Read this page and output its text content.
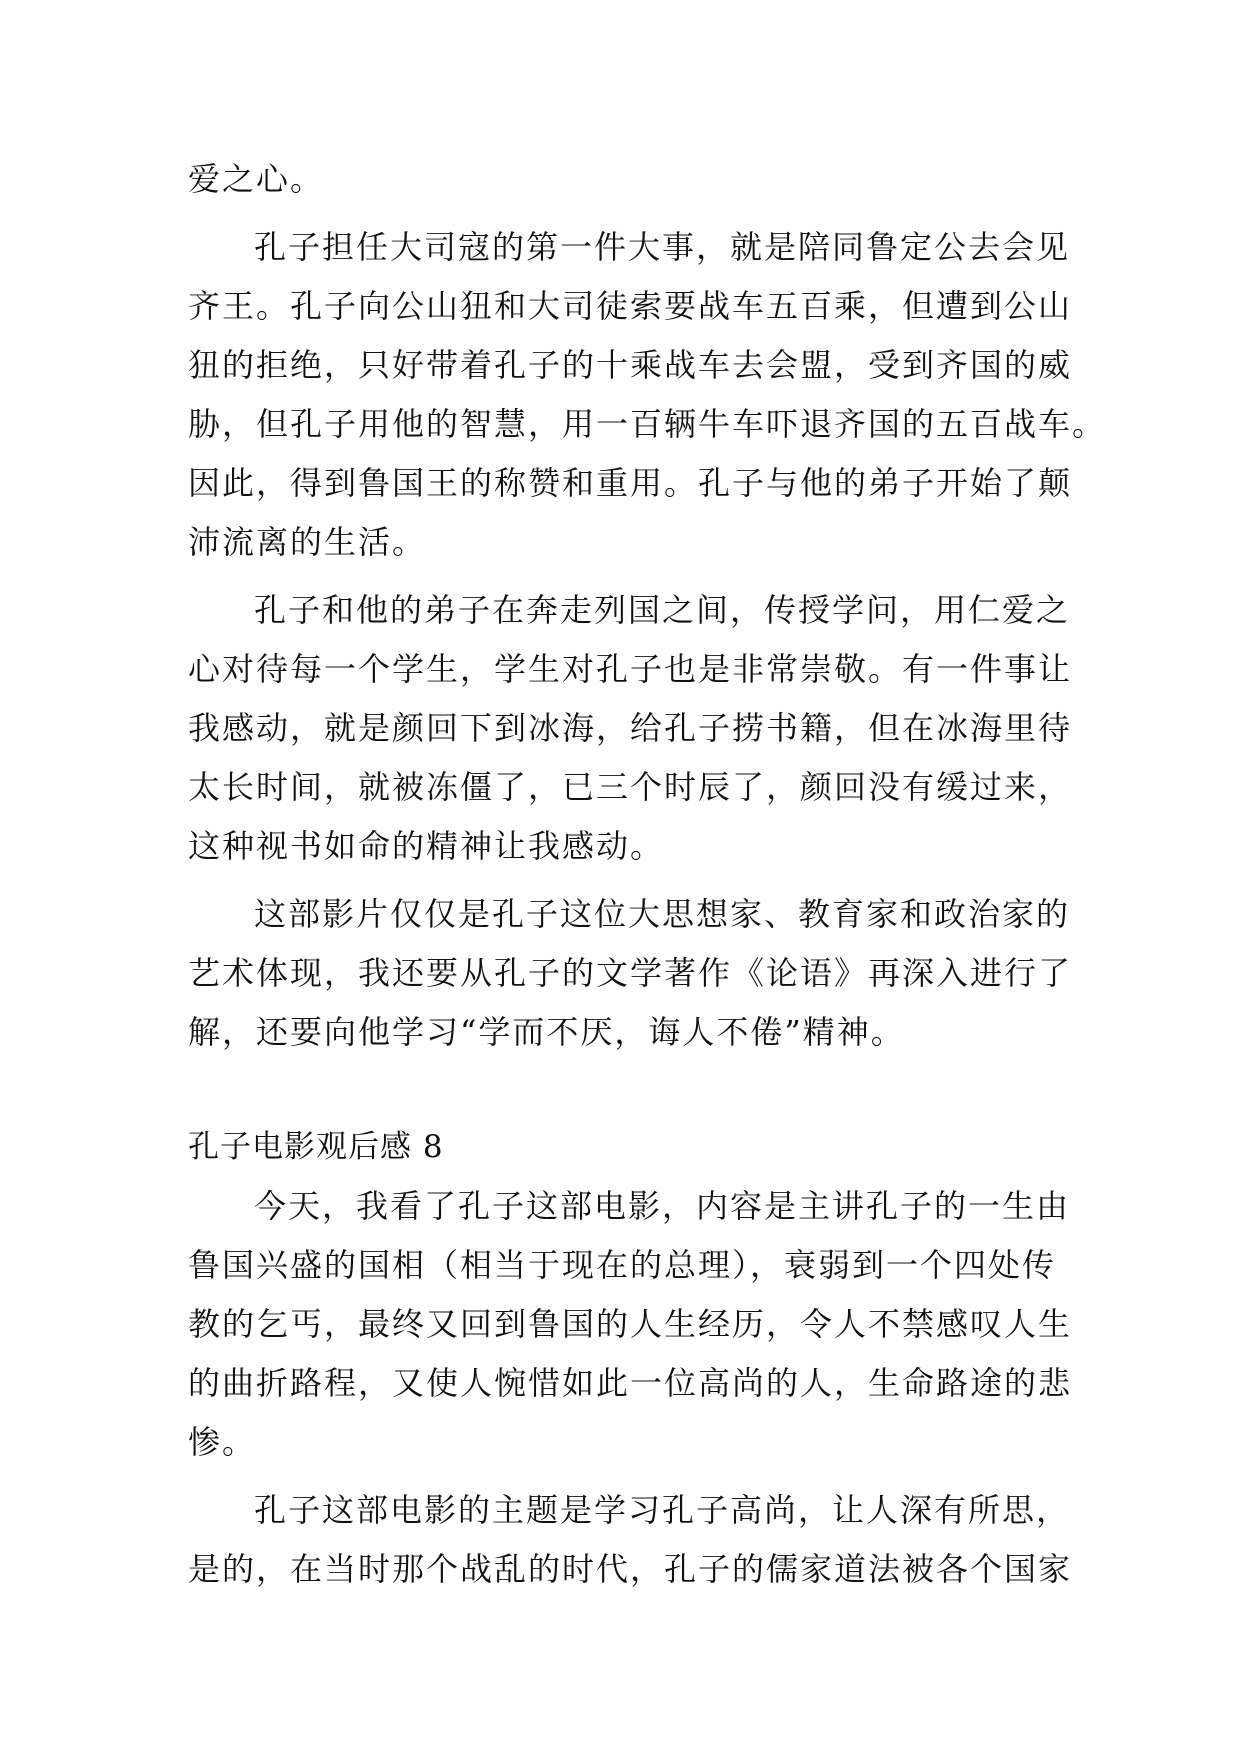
爱之心。
孔子担任大司寇的第一件大事，就是陪同鲁定公去会见
齐王。孔子向公山狃和大司徒索要战车五百乘，但遭到公山
狃的拒绝，只好带着孔子的十乘战车去会盟，受到齐国的威
胁，但孔子用他的智慧，用一百辆牛车吓退齐国的五百战车。
因此，得到鲁国王的称赞和重用。孔子与他的弟子开始了颠
沛流离的生活。
孔子和他的弟子在奔走列国之间，传授学问，用仁爱之
心对待每一个学生，学生对孔子也是非常崇敬。有一件事让
我感动，就是颜回下到冰海，给孔子捞书籍，但在冰海里待
太长时间，就被冻僵了，已三个时辰了，颜回没有缓过来，
这种视书如命的精神让我感动。
这部影片仅仅是孔子这位大思想家、教育家和政治家的
艺术体现，我还要从孔子的文学著作《论语》再深入进行了
解，还要向他学习“学而不厌，诲人不倦”精神。
孔子电影观后感 8
今天，我看了孔子这部电影，内容是主讲孔子的一生由
鲁国兴盛的国相（相当于现在的总理），衰弱到一个四处传
教的乞丐，最终又回到鲁国的人生经历，令人不禁感叹人生
的曲折路程，又使人惋惜如此一位高尚的人，生命路途的悲
惨。
孔子这部电影的主题是学习孔子高尚，让人深有所思，
是的，在当时那个战乱的时代，孔子的儒家道法被各个国家
